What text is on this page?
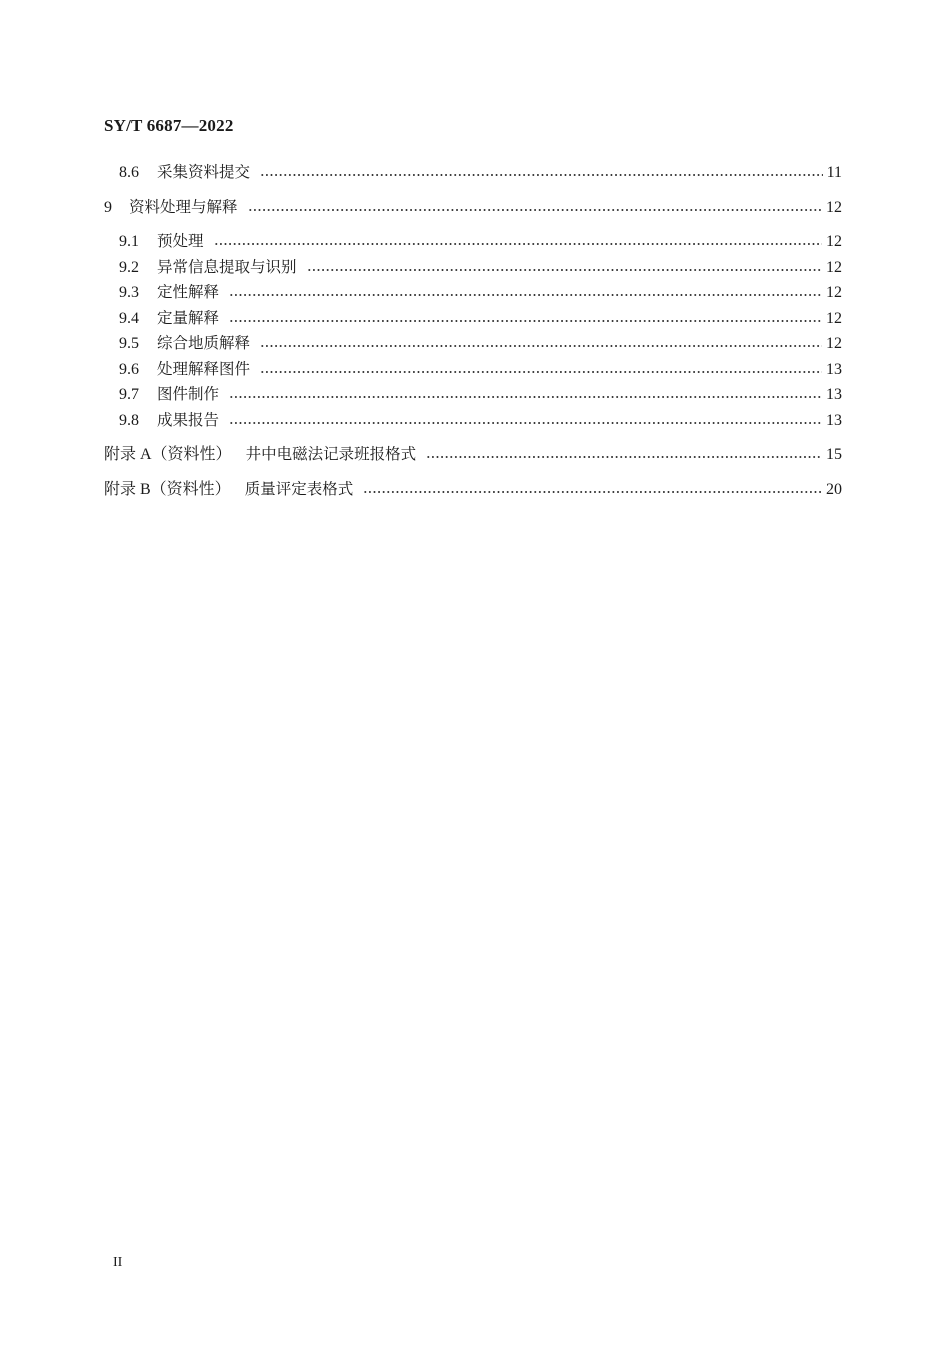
SY/T 6687—2022
8.6	采集资料提交	11
9	资料处理与解释	12
9.1	预处理	12
9.2	异常信息提取与识别	12
9.3	定性解释	12
9.4	定量解释	12
9.5	综合地质解释	12
9.6	处理解释图件	13
9.7	图件制作	13
9.8	成果报告	13
附录 A（资料性） 井中电磁法记录班报格式	15
附录 B（资料性） 质量评定表格式	20
II
